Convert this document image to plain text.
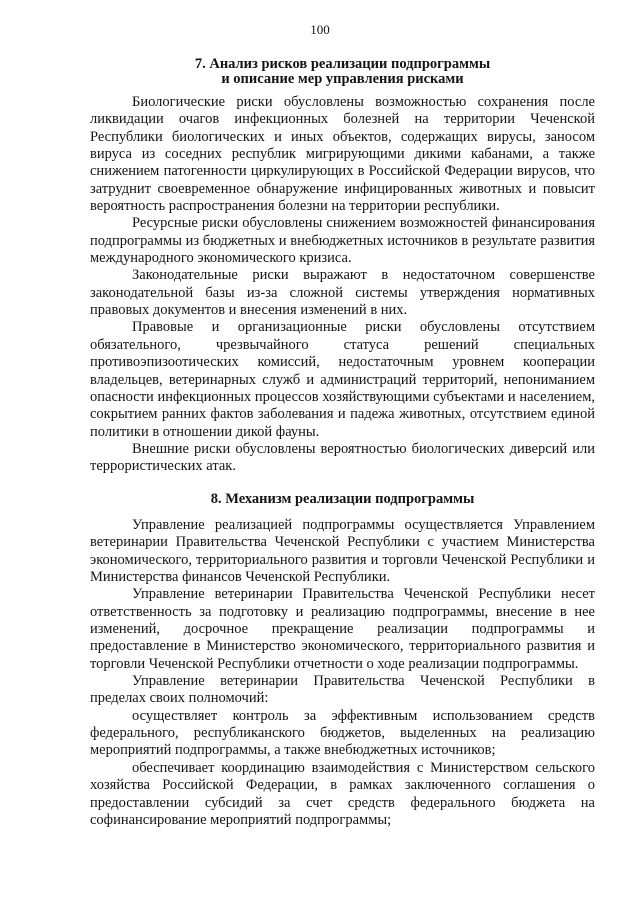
100
7. Анализ рисков реализации подпрограммы
и описание мер управления рисками

Биологические риски обусловлены возможностью сохранения после ликвидации очагов инфекционных болезней на территории Чеченской Республики биологических и иных объектов, содержащих вирусы, заносом вируса из соседних республик мигрирующими дикими кабанами, а также снижением патогенности циркулирующих в Российской Федерации вирусов, что затруднит своевременное обнаружение инфицированных животных и повысит вероятность распространения болезни на территории республики.

Ресурсные риски обусловлены снижением возможностей финансирования подпрограммы из бюджетных и внебюджетных источников в результате развития международного экономического кризиса.

Законодательные риски выражают в недостаточном совершенстве законодательной базы из-за сложной системы утверждения нормативных правовых документов и внесения изменений в них.

Правовые и организационные риски обусловлены отсутствием обязательного, чрезвычайного статуса решений специальных противоэпизоотических комиссий, недостаточным уровнем кооперации владельцев, ветеринарных служб и администраций территорий, непониманием опасности инфекционных процессов хозяйствующими субъектами и населением, сокрытием ранних фактов заболевания и падежа животных, отсутствием единой политики в отношении дикой фауны.

Внешние риски обусловлены вероятностью биологических диверсий или террористических атак.

8. Механизм реализации подпрограммы

Управление реализацией подпрограммы осуществляется Управлением ветеринарии Правительства Чеченской Республики с участием Министерства экономического, территориального развития и торговли Чеченской Республики и Министерства финансов Чеченской Республики.

Управление ветеринарии Правительства Чеченской Республики несет ответственность за подготовку и реализацию подпрограммы, внесение в нее изменений, досрочное прекращение реализации подпрограммы и предоставление в Министерство экономического, территориального развития и торговли Чеченской Республики отчетности о ходе реализации подпрограммы.

Управление ветеринарии Правительства Чеченской Республики в пределах своих полномочий:

осуществляет контроль за эффективным использованием средств федерального, республиканского бюджетов, выделенных на реализацию мероприятий подпрограммы, а также внебюджетных источников;

обеспечивает координацию взаимодействия с Министерством сельского хозяйства Российской Федерации, в рамках заключенного соглашения о предоставлении субсидий за счет средств федерального бюджета на софинансирование мероприятий подпрограммы;
